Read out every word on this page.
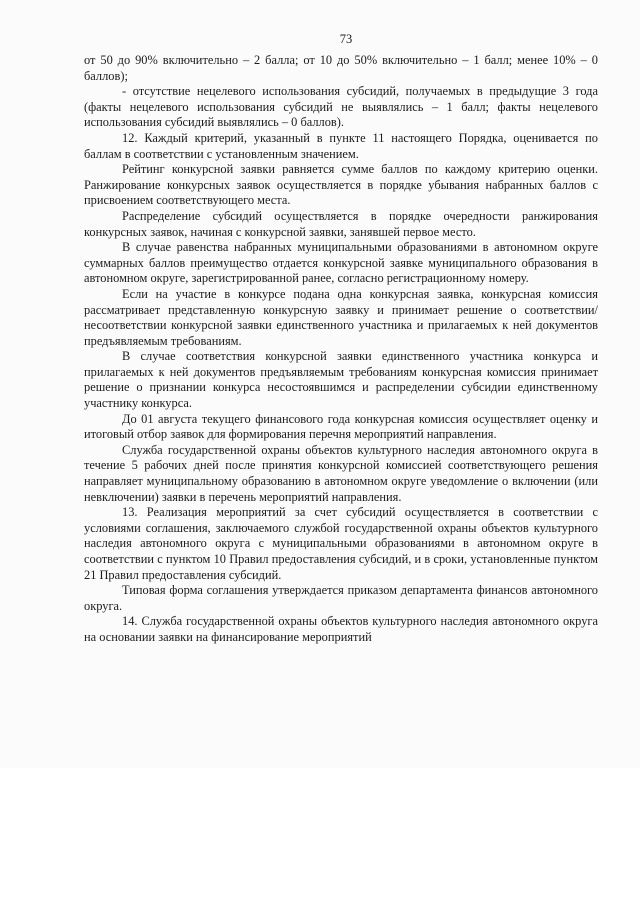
73

от 50 до 90% включительно – 2 балла; от 10 до 50% включительно – 1 балл; менее 10% – 0 баллов);

- отсутствие нецелевого использования субсидий, получаемых в предыдущие 3 года (факты нецелевого использования субсидий не выявлялись – 1 балл; факты нецелевого использования субсидий выявлялись – 0 баллов).

12. Каждый критерий, указанный в пункте 11 настоящего Порядка, оценивается по баллам в соответствии с установленным значением.

Рейтинг конкурсной заявки равняется сумме баллов по каждому критерию оценки. Ранжирование конкурсных заявок осуществляется в порядке убывания набранных баллов с присвоением соответствующего места.

Распределение субсидий осуществляется в порядке очередности ранжирования конкурсных заявок, начиная с конкурсной заявки, занявшей первое место.

В случае равенства набранных муниципальными образованиями в автономном округе суммарных баллов преимущество отдается конкурсной заявке муниципального образования в автономном округе, зарегистрированной ранее, согласно регистрационному номеру.

Если на участие в конкурсе подана одна конкурсная заявка, конкурсная комиссия рассматривает представленную конкурсную заявку и принимает решение о соответствии/несоответствии конкурсной заявки единственного участника и прилагаемых к ней документов предъявляемым требованиям.

В случае соответствия конкурсной заявки единственного участника конкурса и прилагаемых к ней документов предъявляемым требованиям конкурсная комиссия принимает решение о признании конкурса несостоявшимся и распределении субсидии единственному участнику конкурса.

До 01 августа текущего финансового года конкурсная комиссия осуществляет оценку и итоговый отбор заявок для формирования перечня мероприятий направления.

Служба государственной охраны объектов культурного наследия автономного округа в течение 5 рабочих дней после принятия конкурсной комиссией соответствующего решения направляет муниципальному образованию в автономном округе уведомление о включении (или невключении) заявки в перечень мероприятий направления.

13. Реализация мероприятий за счет субсидий осуществляется в соответствии с условиями соглашения, заключаемого службой государственной охраны объектов культурного наследия автономного округа с муниципальными образованиями в автономном округе в соответствии с пунктом 10 Правил предоставления субсидий, и в сроки, установленные пунктом 21 Правил предоставления субсидий.

Типовая форма соглашения утверждается приказом департамента финансов автономного округа.

14. Служба государственной охраны объектов культурного наследия автономного округа на основании заявки на финансирование мероприятий
